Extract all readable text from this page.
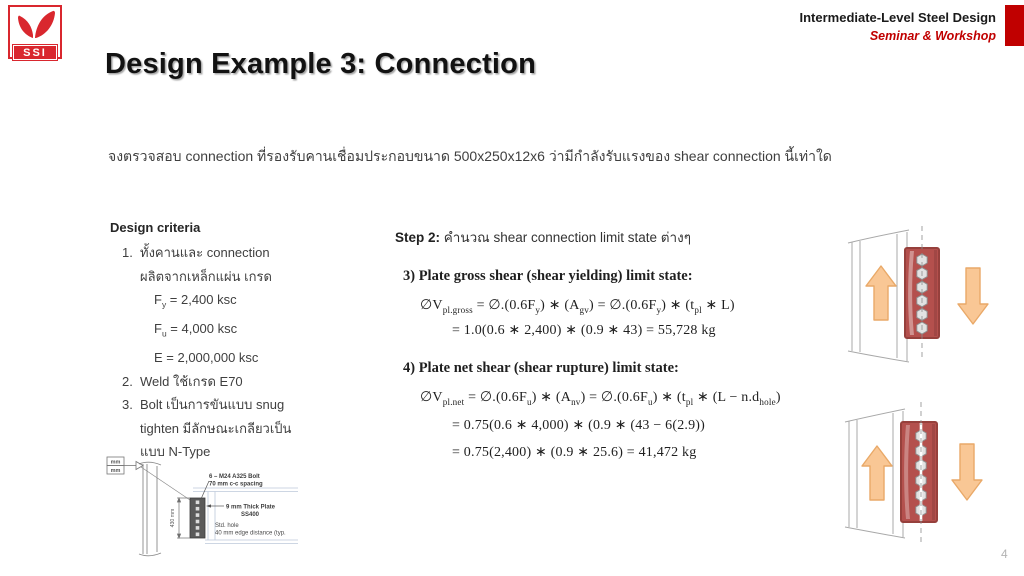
SSI
Intermediate-Level Steel Design
Seminar & Workshop
Design Example 3: Connection
จงตรวจสอบ connection ที่รองรับคานเชื่อมประกอบขนาด 500x250x12x6 ว่ามีกำลังรับแรงของ shear connection นี้เท่าใด
Design criteria
1. ทั้งคานและ connection
ผลิตจากเหล็กแผ่น เกรด
$F_y = 2,400$ ksc
$F_u = 4,000$ ksc
E = 2,000,000 ksc
2. Weld ใช้เกรด E70
3. Bolt เป็นการขันแบบ snug
tighten มีลักษณะเกลียวเป็น
แบบ N-Type
Step 2: คำนวณ shear connection limit state ต่างๆ
3) Plate gross shear (shear yielding) limit state:
$\emptyset V_{pl.gross}$ = $\emptyset.(0.6F_y)$ ∗ $(A_{gv})$ = $\emptyset.(0.6F_y)$ ∗ ($t_{pl}$ ∗ L)
= 1.0(0.6 ∗ 2,400) ∗ (0.9 ∗ 43) = 55,728 kg
4) Plate net shear (shear rupture) limit state:
$\emptyset V_{pl.net}$ = $\emptyset.(0.6F_u)$ ∗ $(A_{nv})$ = $\emptyset.(0.6F_u)$ ∗ ($t_{pl}$ ∗ $(L - n.d_{hole})$
= 0.75(0.6 ∗ 4,000) ∗ (0.9 ∗ (43 − 6(2.9))
= 0.75(2,400) ∗ (0.9 ∗ 25.6) = 41,472 kg
mm
mm
430 mm
6 – M24 A325 Bolt
70 mm c-c spacing
9 mm Thick Plate
SS400
Std. hole
40 mm edge distance (typ.
4
